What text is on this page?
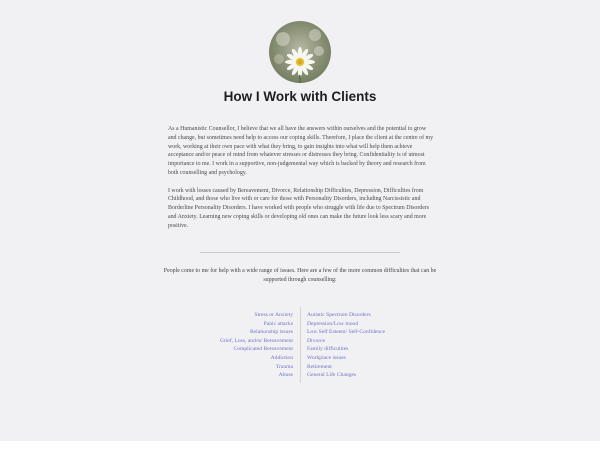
How I Work with Clients

As a Humanistic Counsellor, I believe that we all have the answers within ourselves and the potential to grow and change, but sometimes need help to access our coping skills. Therefore, I place the client at the centre of my work, working at their own pace with what they bring, to gain insights into what will help them achieve acceptance and/or peace of mind from whatever stresses or distresses they bring. Confidentiality is of utmost importance to me. I work in a supportive, non-judgemental way which is backed by theory and research from both counselling and psychology.

I work with losses caused by Bereavement, Divorce, Relationship Difficulties, Depression, Difficulties from Childhood, and those who live with or care for those with Personality Disorders, including Narcissistic and Borderline Personality Disorders. I have worked with people who struggle with life due to Spectrum Disorders and Anxiety. Learning new coping skills or developing old ones can make the future look less scary and more positive.

People come to me for help with a wide range of issues. Here are a few of the more common difficulties that can be supported through counselling:

Stress or Anxiety
Panic attacks
Relationship issues
Grief, Loss, and/or Bereavement
Complicated Bereavement
Addiction
Trauma
Abuse
Autistic Spectrum Disorders
Depression/Low mood
Low Self Esteem/ Self-Confidence
Divorce
Family difficulties
Workplace issues
Retirement
General Life Changes
